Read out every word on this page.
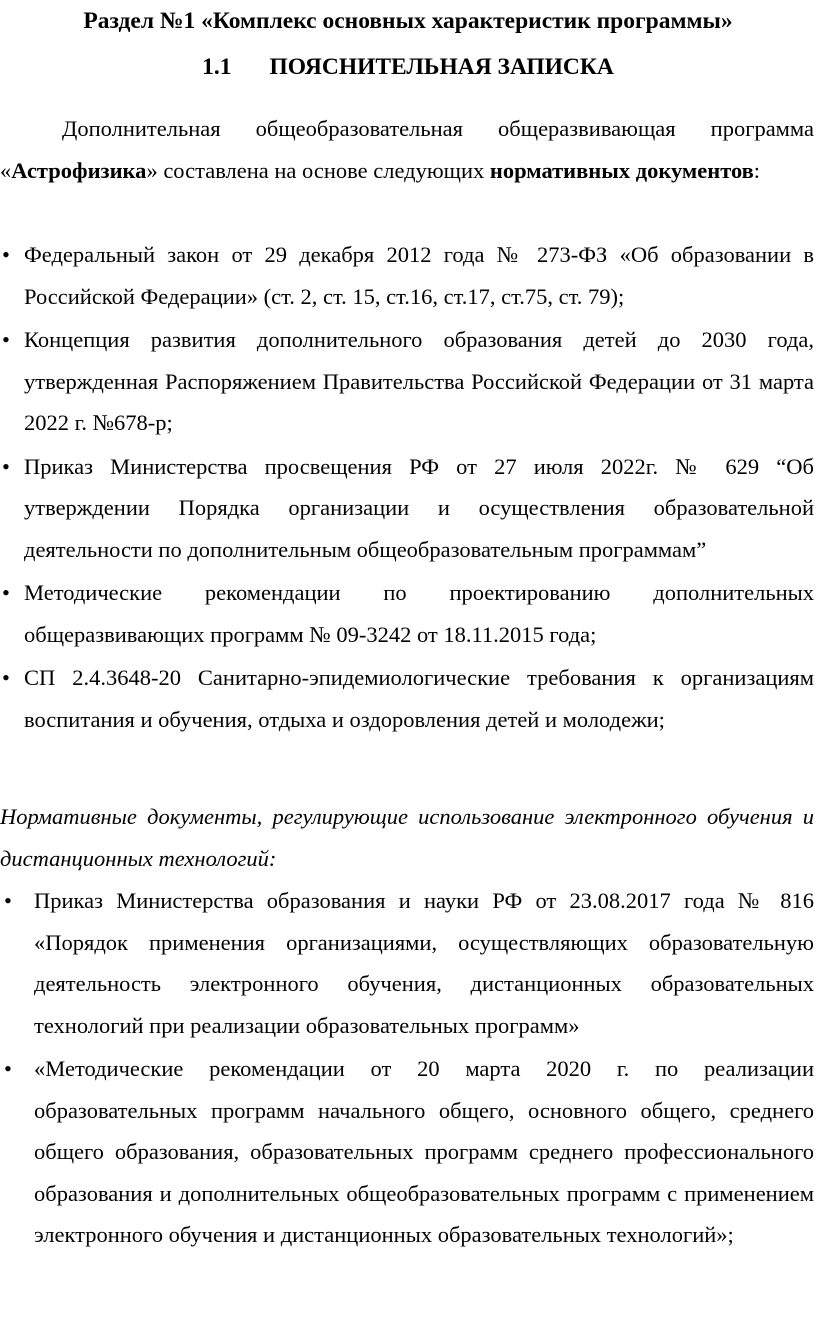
Раздел №1 «Комплекс основных характеристик программы»
1.1 ПОЯСНИТЕЛЬНАЯ ЗАПИСКА
Дополнительная общеобразовательная общеразвивающая программа «Астрофизика» составлена на основе следующих нормативных документов:
• Федеральный закон от 29 декабря 2012 года № 273-ФЗ «Об образовании в Российской Федерации» (ст. 2, ст. 15, ст.16, ст.17, ст.75, ст. 79);
• Концепция развития дополнительного образования детей до 2030 года, утвержденная Распоряжением Правительства Российской Федерации от 31 марта 2022 г. №678-р;
• Приказ Министерства просвещения РФ от 27 июля 2022г. № 629 “Об утверждении Порядка организации и осуществления образовательной деятельности по дополнительным общеобразовательным программам”
• Методические рекомендации по проектированию дополнительных общеразвивающих программ № 09-3242 от 18.11.2015 года;
• СП 2.4.3648-20 Санитарно-эпидемиологические требования к организациям воспитания и обучения, отдыха и оздоровления детей и молодежи;
Нормативные документы, регулирующие использование электронного обучения и дистанционных технологий:
• Приказ Министерства образования и науки РФ от 23.08.2017 года № 816 «Порядок применения организациями, осуществляющих образовательную деятельность электронного обучения, дистанционных образовательных технологий при реализации образовательных программ»
• «Методические рекомендации от 20 марта 2020 г. по реализации образовательных программ начального общего, основного общего, среднего общего образования, образовательных программ среднего профессионального образования и дополнительных общеобразовательных программ с применением электронного обучения и дистанционных образовательных технологий»;
